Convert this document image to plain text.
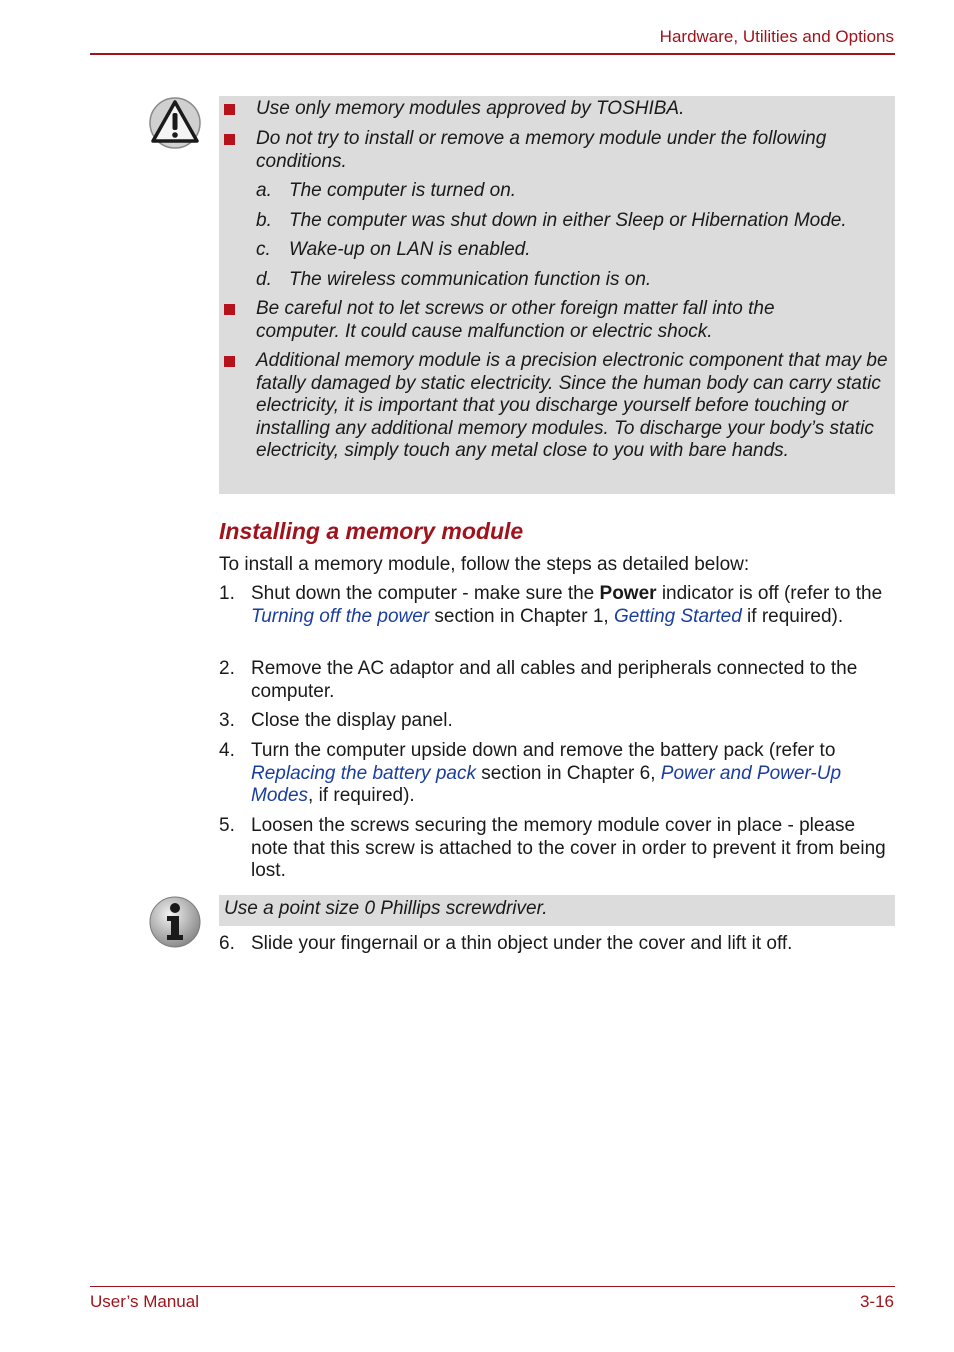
Hardware, Utilities and Options
Use only memory modules approved by TOSHIBA.
Do not try to install or remove a memory module under the following conditions.
a. The computer is turned on.
b. The computer was shut down in either Sleep or Hibernation Mode.
c. Wake-up on LAN is enabled.
d. The wireless communication function is on.
Be careful not to let screws or other foreign matter fall into the computer. It could cause malfunction or electric shock.
Additional memory module is a precision electronic component that may be fatally damaged by static electricity. Since the human body can carry static electricity, it is important that you discharge yourself before touching or installing any additional memory modules. To discharge your body’s static electricity, simply touch any metal close to you with bare hands.
Installing a memory module
To install a memory module, follow the steps as detailed below:
1. Shut down the computer - make sure the Power indicator is off (refer to the Turning off the power section in Chapter 1, Getting Started if required).
2. Remove the AC adaptor and all cables and peripherals connected to the computer.
3. Close the display panel.
4. Turn the computer upside down and remove the battery pack (refer to Replacing the battery pack section in Chapter 6, Power and Power-Up Modes, if required).
5. Loosen the screws securing the memory module cover in place - please note that this screw is attached to the cover in order to prevent it from being lost.
Use a point size 0 Phillips screwdriver.
6. Slide your fingernail or a thin object under the cover and lift it off.
User’s Manual	3-16
